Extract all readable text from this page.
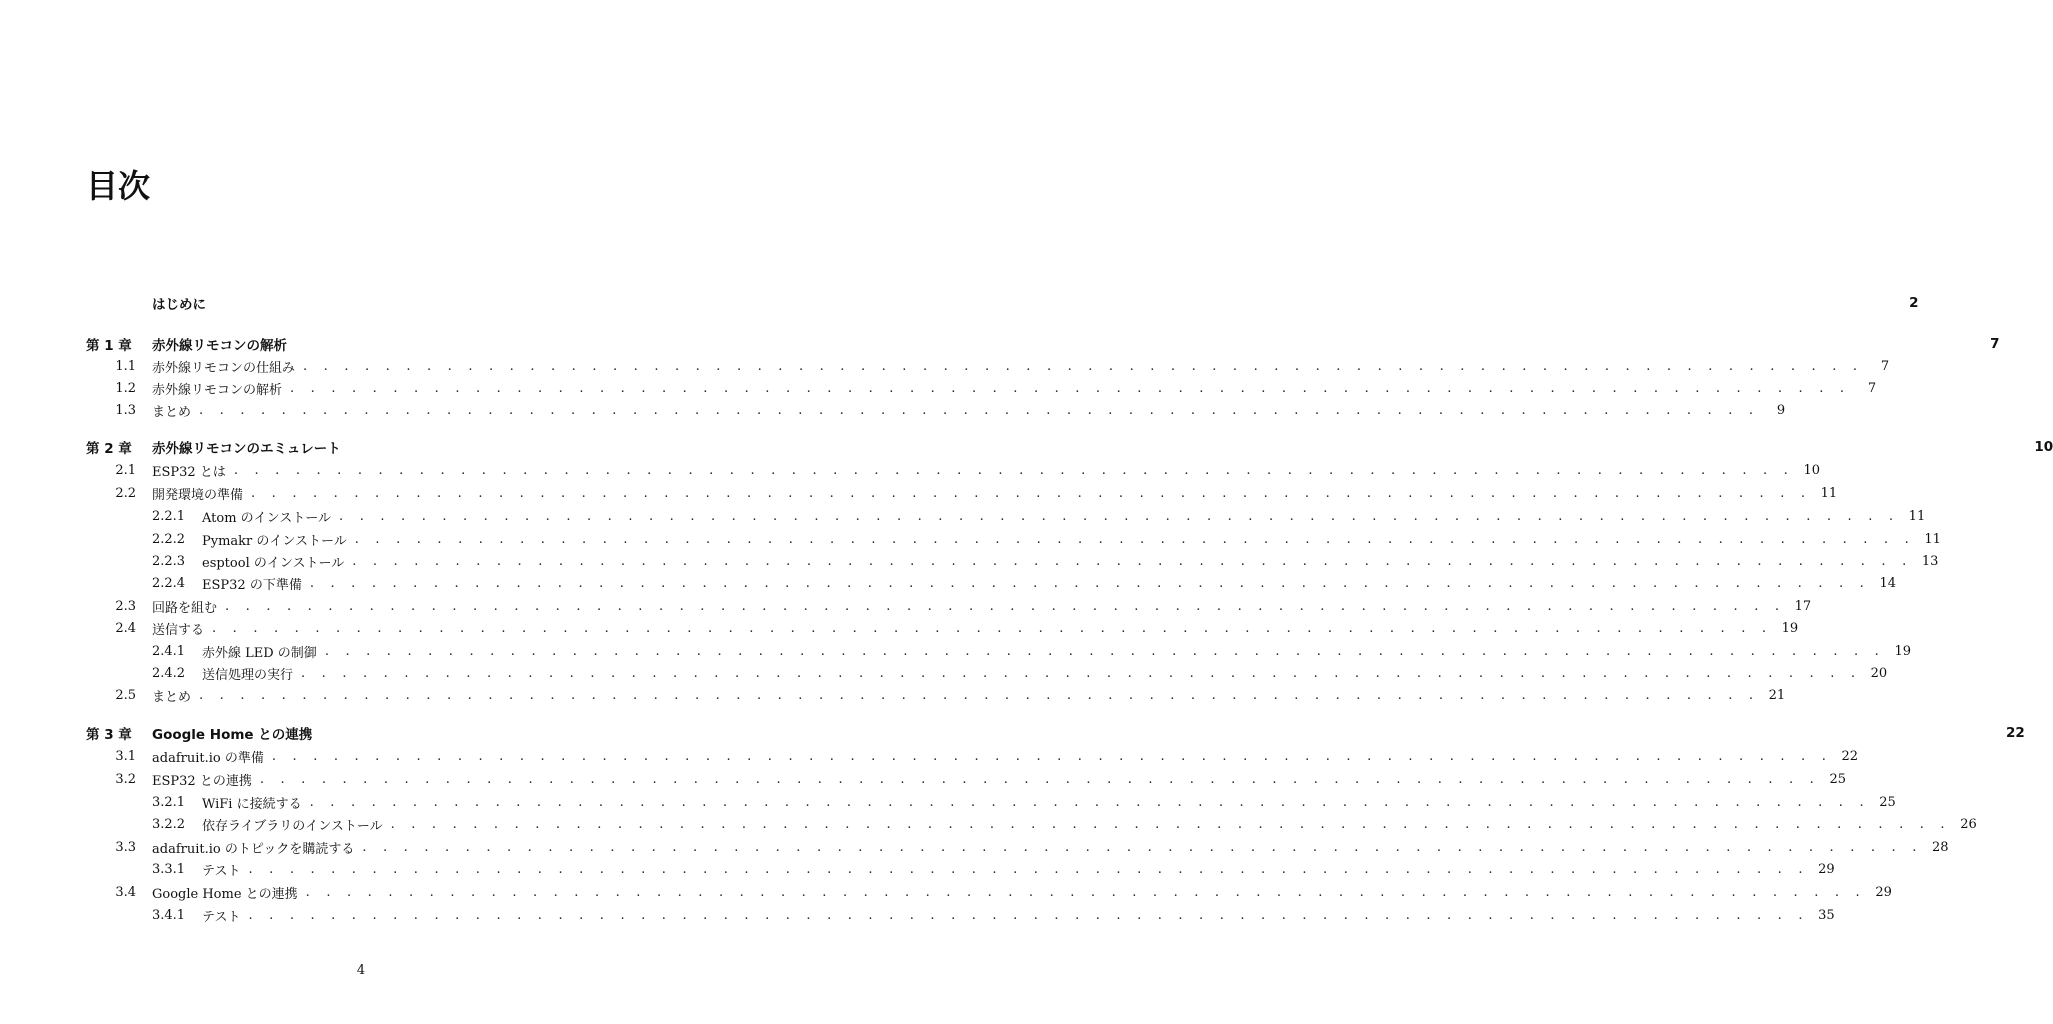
目次
はじめに	2
第 1 章	赤外線リモコンの解析	7
1.1	赤外線リモコンの仕組み . . . . . . . . . . . . . . . . . . . . . . . . . . . . . . . . . . . . . . . . . . . . . . . . . . . . . . . . . . . . . . . . . . . . . . . . . . . .	7
1.2	赤外線リモコンの解析 . . . . . . . . . . . . . . . . . . . . . . . . . . . . . . . . . . . . . . . . . . . . . . . . . . . . . . . . . . . . . . . . . . . . . . . . . . . .	7
1.3	まとめ . . . . . . . . . . . . . . . . . . . . . . . . . . . . . . . . . . . . . . . . . . . . . . . . . . . . . . . . . . . . . . . . . . . . . . . . . . . .	9
第 2 章	赤外線リモコンのエミュレート	10
2.1	ESP32 とは . . . . . . . . . . . . . . . . . . . . . . . . . . . . . . . . . . . . . . . . . . . . . . . . . . . . . . . . . . . . . . . . . . . . . . . . . . . . 10
2.2	開発環境の準備 . . . . . . . . . . . . . . . . . . . . . . . . . . . . . . . . . . . . . . . . . . . . . . . . . . . . . . . . . . . . . . . . . . . . . . . . . . . . 11
2.2.1	Atom のインストール . . . . . . . . . . . . . . . . . . . . . . . . . . . . . . . . . . . . . . . . . . . . . . . . . . . . . . . . . . . . . . . . . . . . . . . . . . . . 11
2.2.2	Pymakr のインストール . . . . . . . . . . . . . . . . . . . . . . . . . . . . . . . . . . . . . . . . . . . . . . . . . . . . . . . . . . . . . . . . . . . . . . . . . . . . 11
2.2.3	esptool のインストール . . . . . . . . . . . . . . . . . . . . . . . . . . . . . . . . . . . . . . . . . . . . . . . . . . . . . . . . . . . . . . . . . . . . . . . . . . . . 13
2.2.4	ESP32 の下準備 . . . . . . . . . . . . . . . . . . . . . . . . . . . . . . . . . . . . . . . . . . . . . . . . . . . . . . . . . . . . . . . . . . . . . . . . . . . . 14
2.3	回路を組む . . . . . . . . . . . . . . . . . . . . . . . . . . . . . . . . . . . . . . . . . . . . . . . . . . . . . . . . . . . . . . . . . . . . . . . . . . . . 17
2.4	送信する . . . . . . . . . . . . . . . . . . . . . . . . . . . . . . . . . . . . . . . . . . . . . . . . . . . . . . . . . . . . . . . . . . . . . . . . . . . . 19
2.4.1	赤外線 LED の制御 . . . . . . . . . . . . . . . . . . . . . . . . . . . . . . . . . . . . . . . . . . . . . . . . . . . . . . . . . . . . . . . . . . . . . . . . . . . . 19
2.4.2	送信処理の実行 . . . . . . . . . . . . . . . . . . . . . . . . . . . . . . . . . . . . . . . . . . . . . . . . . . . . . . . . . . . . . . . . . . . . . . . . . . . . 20
2.5	まとめ . . . . . . . . . . . . . . . . . . . . . . . . . . . . . . . . . . . . . . . . . . . . . . . . . . . . . . . . . . . . . . . . . . . . . . . . . . . . 21
第 3 章	Google Home との連携	22
3.1	adafruit.io の準備 . . . . . . . . . . . . . . . . . . . . . . . . . . . . . . . . . . . . . . . . . . . . . . . . . . . . . . . . . . . . . . . . . . . . . . . . . . . . 22
3.2	ESP32 との連携 . . . . . . . . . . . . . . . . . . . . . . . . . . . . . . . . . . . . . . . . . . . . . . . . . . . . . . . . . . . . . . . . . . . . . . . . . . . . 25
3.2.1	WiFi に接続する . . . . . . . . . . . . . . . . . . . . . . . . . . . . . . . . . . . . . . . . . . . . . . . . . . . . . . . . . . . . . . . . . . . . . . . . . . . . 25
3.2.2	依存ライブラリのインストール . . . . . . . . . . . . . . . . . . . . . . . . . . . . . . . . . . . . . . . . . . . . . . . . . . . . . . . . . . . . . . . . . . . . . . . . . . . . 26
3.3	adafruit.io のトピックを購読する . . . . . . . . . . . . . . . . . . . . . . . . . . . . . . . . . . . . . . . . . . . . . . . . . . . . . . . . . . . . . . . . . . . . . . . . . . . . 28
3.3.1	テスト . . . . . . . . . . . . . . . . . . . . . . . . . . . . . . . . . . . . . . . . . . . . . . . . . . . . . . . . . . . . . . . . . . . . . . . . . . . . 29
3.4	Google Home との連携 . . . . . . . . . . . . . . . . . . . . . . . . . . . . . . . . . . . . . . . . . . . . . . . . . . . . . . . . . . . . . . . . . . . . . . . . . . . . 29
3.4.1	テスト . . . . . . . . . . . . . . . . . . . . . . . . . . . . . . . . . . . . . . . . . . . . . . . . . . . . . . . . . . . . . . . . . . . . . . . . . . . . 35
4
